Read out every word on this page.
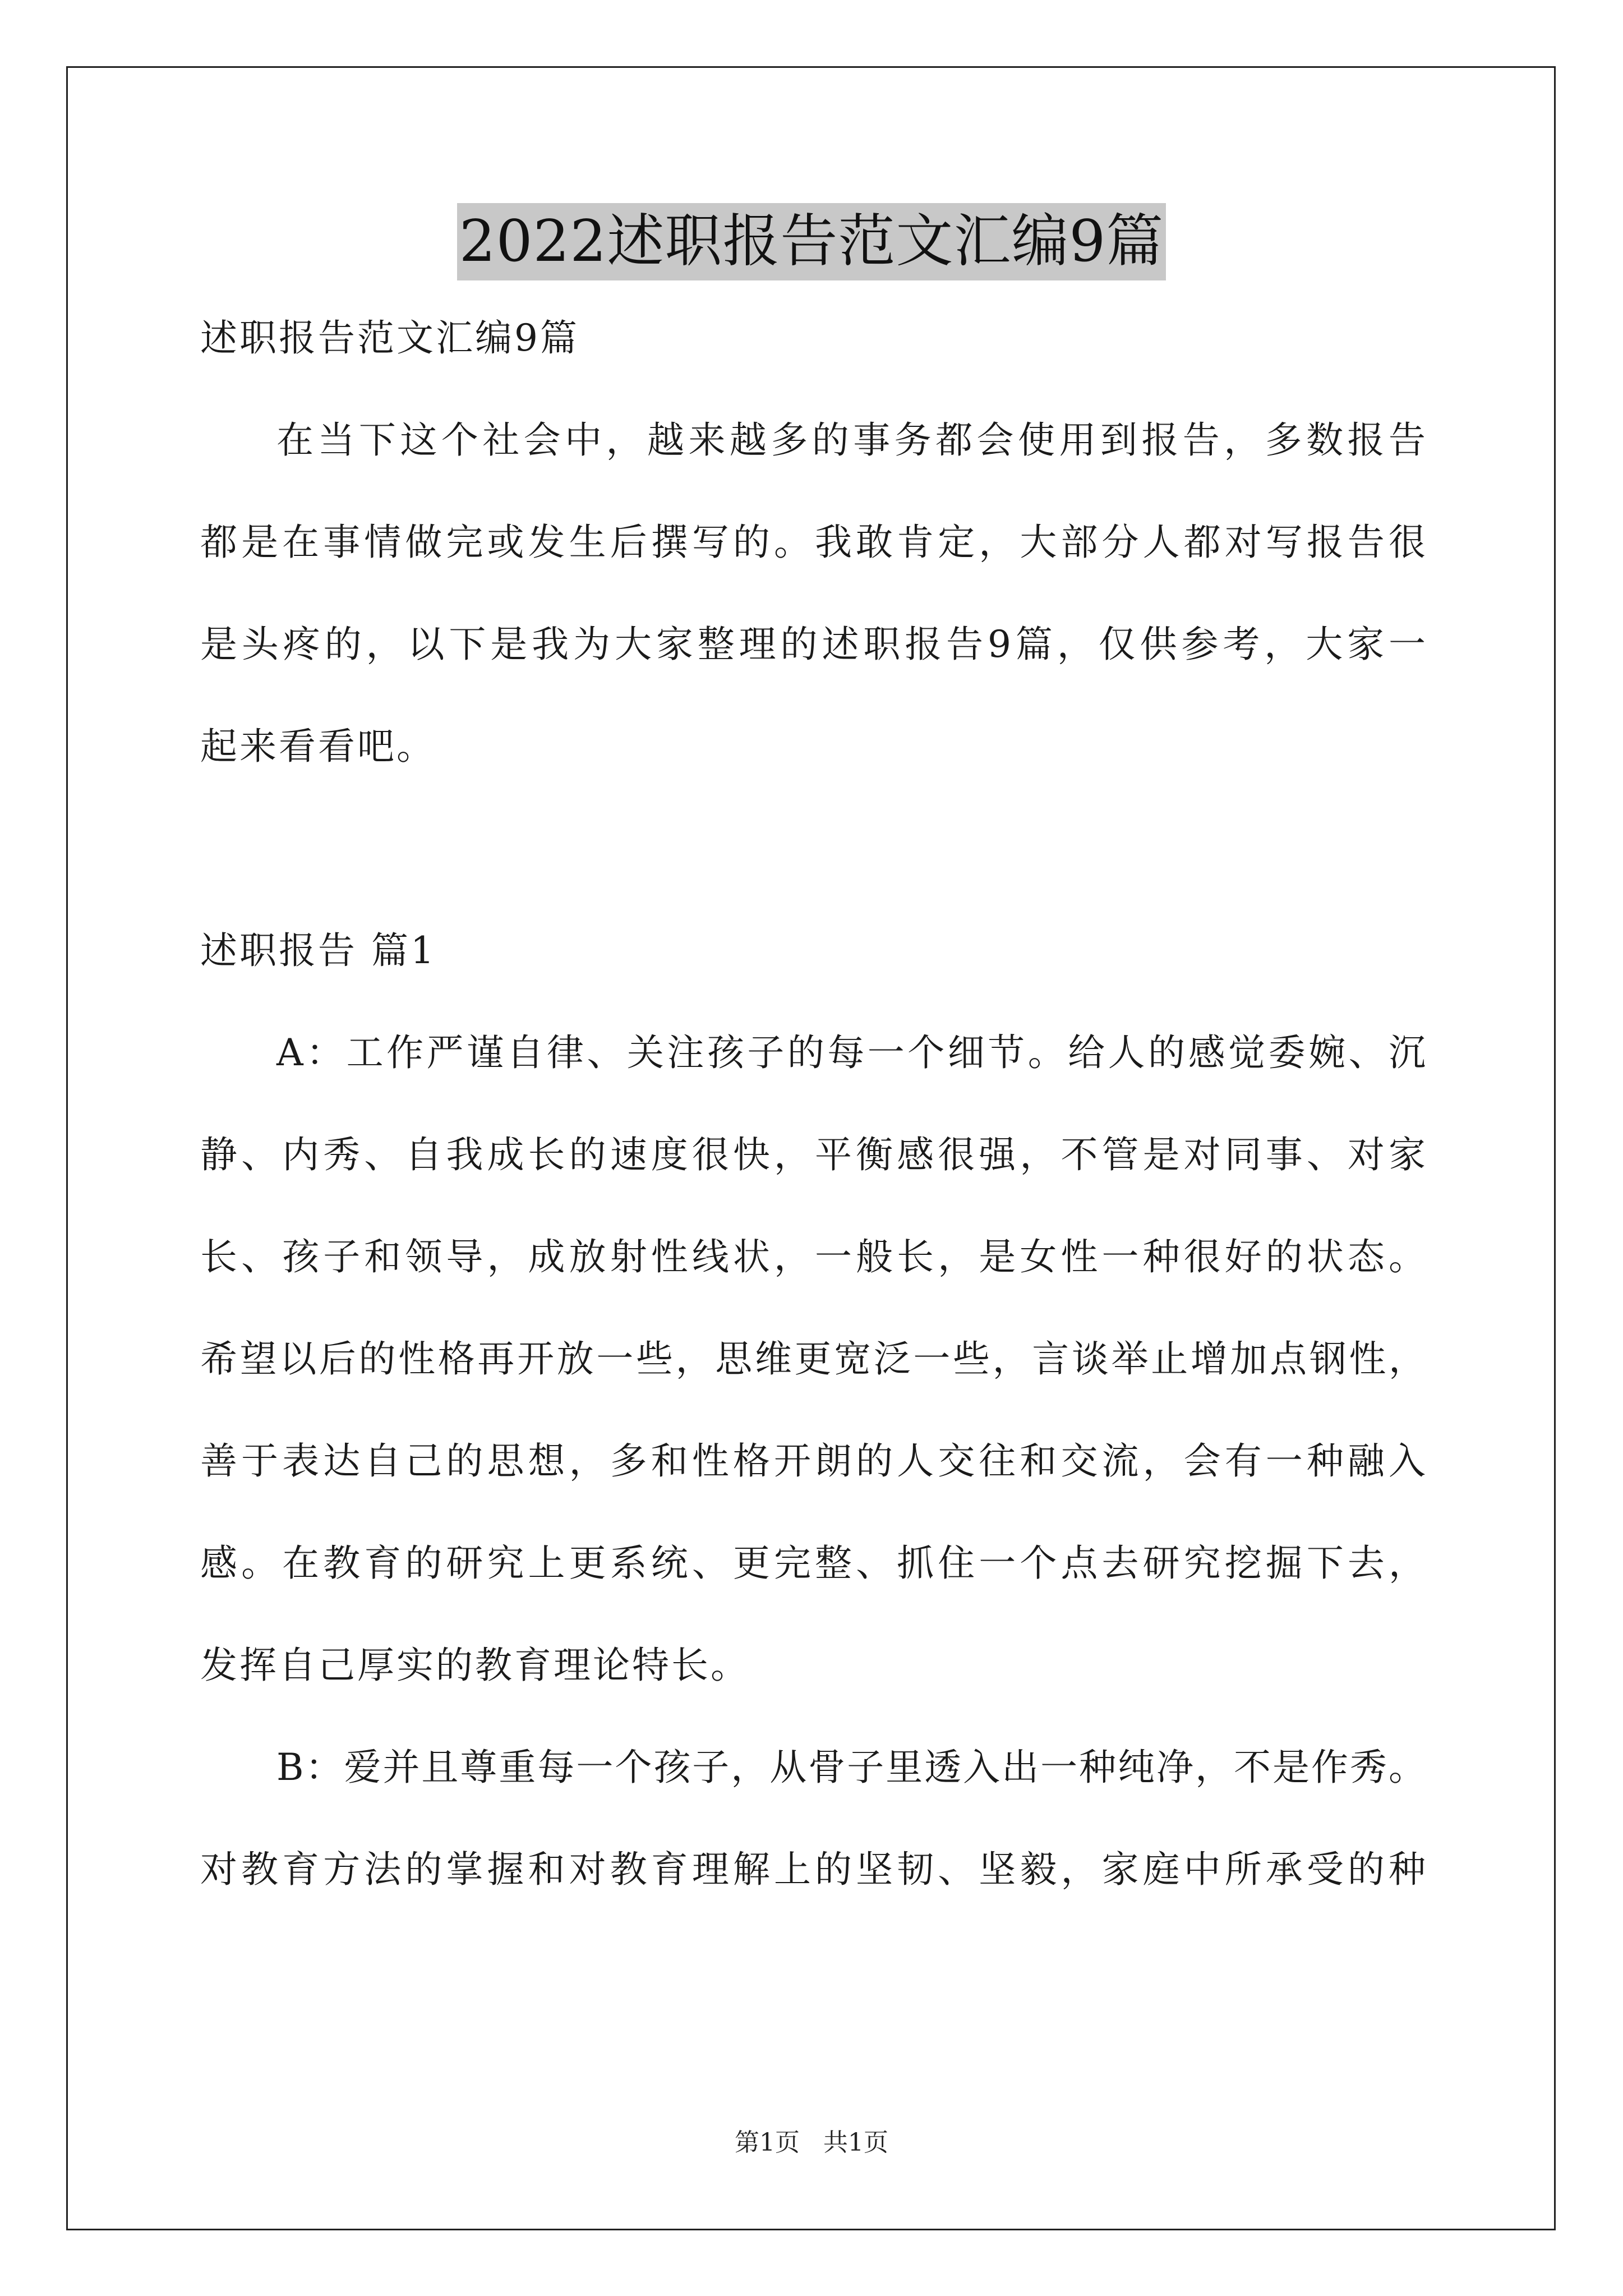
2022述职报告范文汇编9篇
述职报告范文汇编9篇
在当下这个社会中，越来越多的事务都会使用到报告，多数报告
都是在事情做完或发生后撰写的。我敢肯定，大部分人都对写报告很
是头疼的，以下是我为大家整理的述职报告9篇，仅供参考，大家一
起来看看吧。
述职报告 篇1
A：工作严谨自律、关注孩子的每一个细节。给人的感觉委婉、沉
静、内秀、自我成长的速度很快，平衡感很强，不管是对同事、对家
长、孩子和领导，成放射性线状，一般长，是女性一种很好的状态。
希望以后的性格再开放一些，思维更宽泛一些，言谈举止增加点钢性，
善于表达自己的思想，多和性格开朗的人交往和交流，会有一种融入
感。在教育的研究上更系统、更完整、抓住一个点去研究挖掘下去，
发挥自己厚实的教育理论特长。
B：爱并且尊重每一个孩子，从骨子里透入出一种纯净，不是作秀。
对教育方法的掌握和对教育理解上的坚韧、坚毅，家庭中所承受的种
第1页 共1页
